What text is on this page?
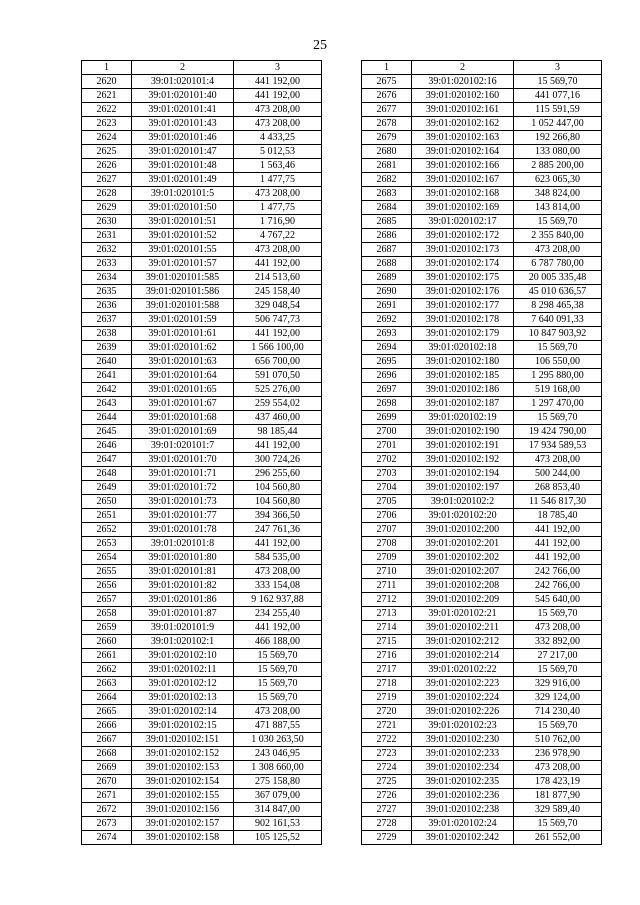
25
1	2	3
2620	39:01:020101:4	441 192,00
2621	39:01:020101:40	441 192,00
2622	39:01:020101:41	473 208,00
2623	39:01:020101:43	473 208,00
2624	39:01:020101:46	4 433,25
2625	39:01:020101:47	5 012,53
2626	39:01:020101:48	1 563,46
2627	39:01:020101:49	1 477,75
2628	39:01:020101:5	473 208,00
2629	39:01:020101:50	1 477,75
2630	39:01:020101:51	1 716,90
2631	39:01:020101:52	4 767,22
2632	39:01:020101:55	473 208,00
2633	39:01:020101:57	441 192,00
2634	39:01:020101:585	214 513,60
2635	39:01:020101:586	245 158,40
2636	39:01:020101:588	329 048,54
2637	39:01:020101:59	506 747,73
2638	39:01:020101:61	441 192,00
2639	39:01:020101:62	1 566 100,00
2640	39:01:020101:63	656 700,00
2641	39:01:020101:64	591 070,50
2642	39:01:020101:65	525 276,00
2643	39:01:020101:67	259 554,02
2644	39:01:020101:68	437 460,00
2645	39:01:020101:69	98 185,44
2646	39:01:020101:7	441 192,00
2647	39:01:020101:70	300 724,26
2648	39:01:020101:71	296 255,60
2649	39:01:020101:72	104 560,80
2650	39:01:020101:73	104 560,80
2651	39:01:020101:77	394 366,50
2652	39:01:020101:78	247 761,36
2653	39:01:020101:8	441 192,00
2654	39:01:020101:80	584 535,00
2655	39:01:020101:81	473 208,00
2656	39:01:020101:82	333 154,08
2657	39:01:020101:86	9 162 937,88
2658	39:01:020101:87	234 255,40
2659	39:01:020101:9	441 192,00
2660	39:01:020102:1	466 188,00
2661	39:01:020102:10	15 569,70
2662	39:01:020102:11	15 569,70
2663	39:01:020102:12	15 569,70
2664	39:01:020102:13	15 569,70
2665	39:01:020102:14	473 208,00
2666	39:01:020102:15	471 887,55
2667	39:01:020102:151	1 030 263,50
2668	39:01:020102:152	243 046,95
2669	39:01:020102:153	1 308 660,00
2670	39:01:020102:154	275 158,80
2671	39:01:020102:155	367 079,00
2672	39:01:020102:156	314 847,00
2673	39:01:020102:157	902 161,53
2674	39:01:020102:158	105 125,52
1	2	3
2675	39:01:020102:16	15 569,70
2676	39:01:020102:160	441 077,16
2677	39:01:020102:161	115 591,59
2678	39:01:020102:162	1 052 447,00
2679	39:01:020102:163	192 266,80
2680	39:01:020102:164	133 080,00
2681	39:01:020102:166	2 885 200,00
2682	39:01:020102:167	623 065,30
2683	39:01:020102:168	348 824,00
2684	39:01:020102:169	143 814,00
2685	39:01:020102:17	15 569,70
2686	39:01:020102:172	2 355 840,00
2687	39:01:020102:173	473 208,00
2688	39:01:020102:174	6 787 780,00
2689	39:01:020102:175	20 005 335,48
2690	39:01:020102:176	45 010 636,57
2691	39:01:020102:177	8 298 465,38
2692	39:01:020102:178	7 640 091,33
2693	39:01:020102:179	10 847 903,92
2694	39:01:020102:18	15 569,70
2695	39:01:020102:180	106 550,00
2696	39:01:020102:185	1 295 880,00
2697	39:01:020102:186	519 168,00
2698	39:01:020102:187	1 297 470,00
2699	39:01:020102:19	15 569,70
2700	39:01:020102:190	19 424 790,00
2701	39:01:020102:191	17 934 589,53
2702	39:01:020102:192	473 208,00
2703	39:01:020102:194	500 244,00
2704	39:01:020102:197	268 853,40
2705	39:01:020102:2	11 546 817,30
2706	39:01:020102:20	18 785,40
2707	39:01:020102:200	441 192,00
2708	39:01:020102:201	441 192,00
2709	39:01:020102:202	441 192,00
2710	39:01:020102:207	242 766,00
2711	39:01:020102:208	242 766,00
2712	39:01:020102:209	545 640,00
2713	39:01:020102:21	15 569,70
2714	39:01:020102:211	473 208,00
2715	39:01:020102:212	332 892,00
2716	39:01:020102:214	27 217,00
2717	39:01:020102:22	15 569,70
2718	39:01:020102:223	329 916,00
2719	39:01:020102:224	329 124,00
2720	39:01:020102:226	714 230,40
2721	39:01:020102:23	15 569,70
2722	39:01:020102:230	510 762,00
2723	39:01:020102:233	236 978,90
2724	39:01:020102:234	473 208,00
2725	39:01:020102:235	178 423,19
2726	39:01:020102:236	181 877,90
2727	39:01:020102:238	329 589,40
2728	39:01:020102:24	15 569,70
2729	39:01:020102:242	261 552,00
